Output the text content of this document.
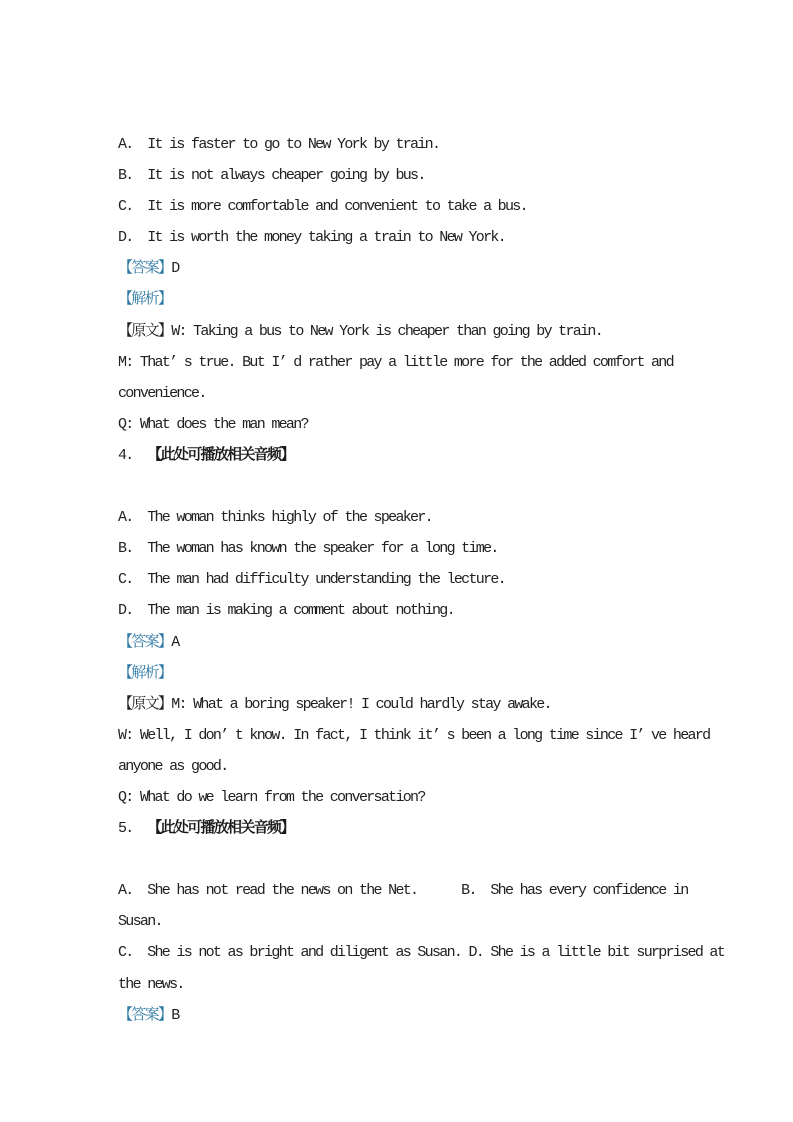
A.  It is faster to go to New York by train.
B.  It is not always cheaper going by bus.
C.  It is more comfortable and convenient to take a bus.
D.  It is worth the money taking a train to New York.
【答案】D
【解析】
【原文】W: Taking a bus to New York is cheaper than going by train.
M: That’ s true. But I’ d rather pay a little more for the added comfort and
convenience.
Q: What does the man mean?
4.  【此处可播放相关音频】

A.  The woman thinks highly of the speaker.
B.  The woman has known the speaker for a long time.
C.  The man had difficulty understanding the lecture.
D.  The man is making a comment about nothing.
【答案】A
【解析】
【原文】M: What a boring speaker! I could hardly stay awake.
W: Well, I don’ t know. In fact, I think it’ s been a long time since I’ ve heard
anyone as good.
Q: What do we learn from the conversation?
5.  【此处可播放相关音频】

A.  She has not read the news on the Net.      B.  She has every confidence in
Susan.
C.  She is not as bright and diligent as Susan. D. She is a little bit surprised at
the news.
【答案】B
